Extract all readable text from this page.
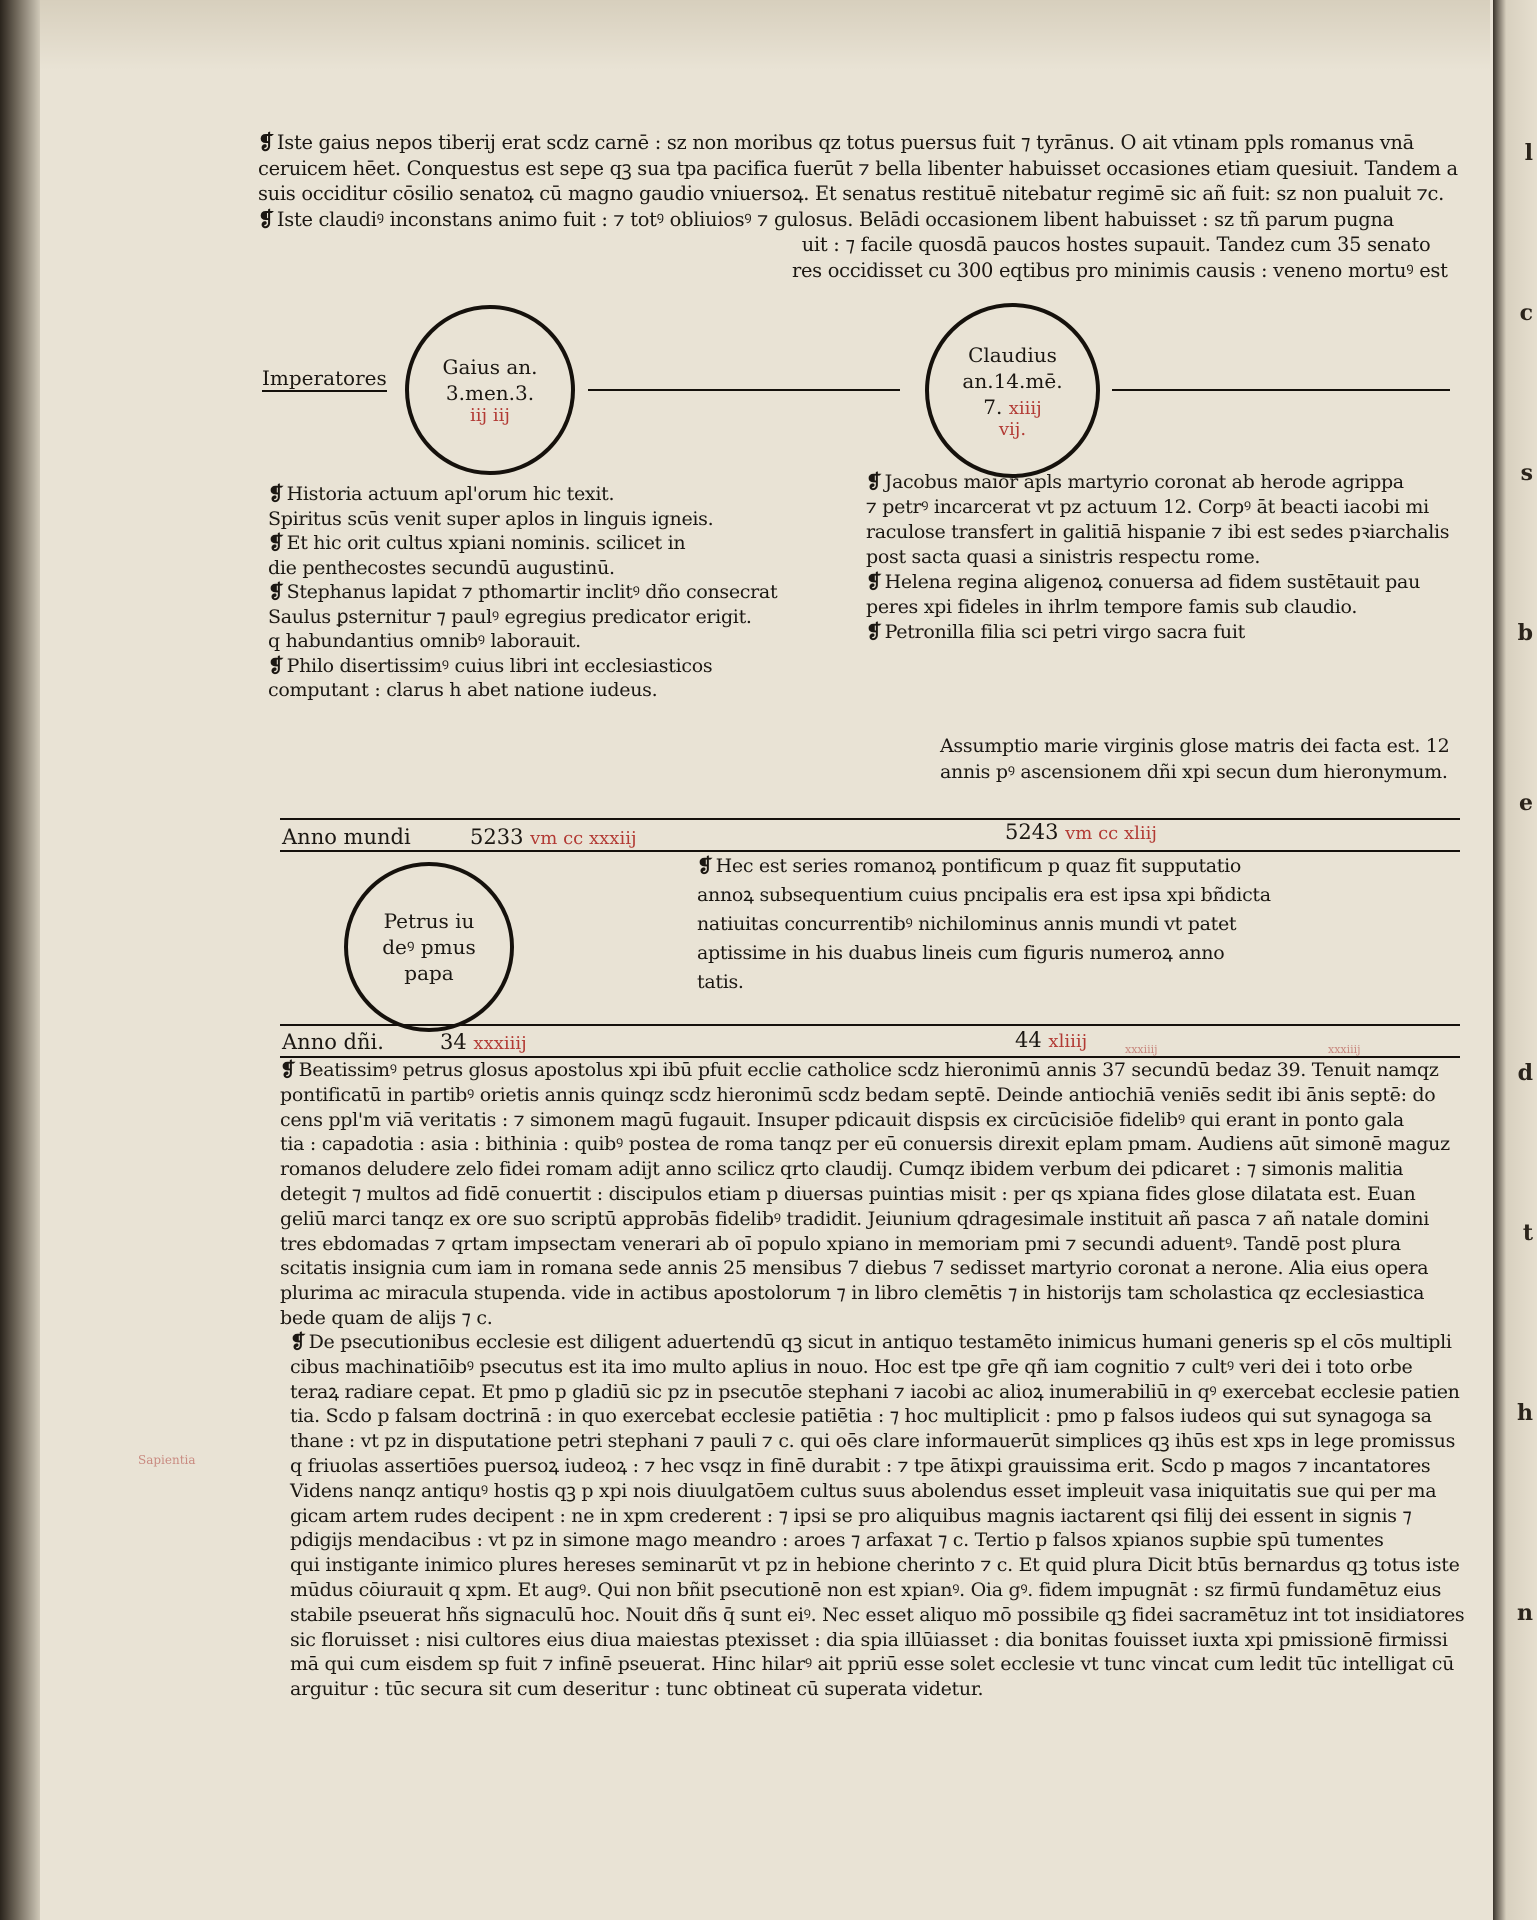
l
c
s
b
e
d
t
h
n
❡ Iste gaius nepos tiberij erat scdz carnē : sz non moribus qz totus puersus fuit ⁊ tyrānus. O ait vtinam ppls romanus vnā
ceruicem hēet. Conquestus est sepe qꝫ sua tpa pacifica fuerūt ⁊ bella libenter habuisset occasiones etiam quesiuit. Tandem a
suis occiditur cōsilio senatoꝝ cū magno gaudio vniuersoꝝ. Et senatus restituē nitebatur regimē sic añ fuit: sz non pualuit ⁊c.
❡ Iste claudiꝰ inconstans animo fuit : ⁊ totꝰ obliuiosꝰ ⁊ gulosus. Belādi occasionem libent habuisset : sz tñ parum pugna
uit : ⁊ facile quosdā paucos hostes supauit. Tandez cum 35 senato
res occidisset cu 300 eqtibus pro minimis causis : veneno mortuꝰ est
Imperatores	Gaius an.
3.men.3.
iij iij
Claudius
an.14.mē.
7. xiiij
vij.
❡ Historia actuum apl'orum hic texit.
Spiritus scūs venit super aplos in linguis igneis.
❡ Et hic orit cultus xpiani nominis. scilicet in
die penthecostes secundū augustinū.
❡ Stephanus lapidat ⁊ pthomartir inclitꝰ dño consecrat
Saulus ꝑsternitur ⁊ paulꝰ egregius predicator erigit.
q habundantius omnibꝰ laborauit.
❡ Philo disertissimꝰ cuius libri int ecclesiasticos
computant : clarus h abet natione iudeus.
❡ Jacobus maior apls martyrio coronat ab herode agrippa
⁊ petrꝰ incarcerat vt pz actuum 12. Corpꝰ āt beacti iacobi mi
raculose transfert in galitiā hispanie ⁊ ibi est sedes pꝛiarchalis
post sacta quasi a sinistris respectu rome.
❡ Helena regina aligenoꝝ conuersa ad fidem sustētauit pau
peres xpi fideles in ihrlm tempore famis sub claudio.
❡ Petronilla filia sci petri virgo sacra fuit
Assumptio marie virginis glose matris dei facta est. 12
annis pꝰ ascensionem dñi xpi secun dum hieronymum.
Anno mundi	5233 vm cc xxxiij	5243 vm cc xliij
Petrus iu
deꝰ pmus
papa
❡ Hec est series romanoꝝ pontificum p quaz fit supputatio
annoꝝ subsequentium cuius pncipalis era est ipsa xpi bñdicta
natiuitas concurrentibꝰ nichilominus annis mundi vt patet
aptissime in his duabus lineis cum figuris numeroꝝ anno
tatis.
Anno dñi.	34 xxxiiij	44 xliiij	xxxiiij	xxxiiij
Sapientia
❡ Beatissimꝰ petrus glosus apostolus xpi ibū pfuit ecclie catholice scdz hieronimū annis 37 secundū bedaz 39. Tenuit namqz
pontificatū in partibꝰ orietis annis quinqz scdz hieronimū scdz bedam septē. Deinde antiochiā veniēs sedit ibi ānis septē: do
cens ppl'm viā veritatis : ⁊ simonem magū fugauit. Insuper pdicauit dispsis ex circūcisiōe fidelibꝰ qui erant in ponto gala
tia : capadotia : asia : bithinia : quibꝰ postea de roma tanqz per eū conuersis direxit eplam pmam. Audiens aūt simonē maguz
romanos deludere zelo fidei romam adijt anno scilicz qrto claudij. Cumqz ibidem verbum dei pdicaret : ⁊ simonis malitia
detegit ⁊ multos ad fidē conuertit : discipulos etiam p diuersas puintias misit : per qs xpiana fides glose dilatata est. Euan
geliū marci tanqz ex ore suo scriptū approbās fidelibꝰ tradidit. Jeiunium qdragesimale instituit añ pasca ⁊ añ natale domini
tres ebdomadas ⁊ qrtam impsectam venerari ab oī populo xpiano in memoriam pmi ⁊ secundi aduentꝰ. Tandē post plura
scitatis insignia cum iam in romana sede annis 25 mensibus 7 diebus 7 sedisset martyrio coronat a nerone. Alia eius opera
plurima ac miracula stupenda. vide in actibus apostolorum ⁊ in libro clemētis ⁊ in historijs tam scholastica qz ecclesiastica
bede quam de alijs ⁊ c.
❡ De psecutionibus ecclesie est diligent aduertendū qꝫ sicut in antiquo testamēto inimicus humani generis sp el cōs multipli
cibus machinatiōibꝰ psecutus est ita imo multo aplius in nouo. Hoc est tpe gr̄e qñ iam cognitio ⁊ cultꝰ veri dei i toto orbe
teraꝝ radiare cepat. Et pmo p gladiū sic pz in psecutōe stephani ⁊ iacobi ac alioꝝ inumerabiliū in qꝰ exercebat ecclesie patien
tia. Scdo p falsam doctrinā : in quo exercebat ecclesie patiētia : ⁊ hoc multiplicit : pmo p falsos iudeos qui sut synagoga sa
thane : vt pz in disputatione petri stephani ⁊ pauli ⁊ c. qui oēs clare informauerūt simplices qꝫ ihūs est xps in lege promissus
q friuolas assertiōes puersoꝝ iudeoꝝ : ⁊ hec vsqz in finē durabit : ⁊ tpe ātixpi grauissima erit. Scdo p magos ⁊ incantatores
Videns nanqz antiquꝰ hostis qꝫ p xpi nois diuulgatōem cultus suus abolendus esset impleuit vasa iniquitatis sue qui per ma
gicam artem rudes decipent : ne in xpm crederent : ⁊ ipsi se pro aliquibus magnis iactarent qsi filij dei essent in signis ⁊
pdigijs mendacibus : vt pz in simone mago meandro : aroes ⁊ arfaxat ⁊ c. Tertio p falsos xpianos supbie spū tumentes
qui instigante inimico plures hereses seminarūt vt pz in hebione cherinto ⁊ c. Et quid plura Dicit btūs bernardus qꝫ totus iste
mūdus cōiurauit q xpm. Et augꝰ. Qui non bñit psecutionē non est xpianꝰ. Oia gꝰ. fidem impugnāt : sz firmū fundamētuz eius
stabile pseuerat hñs signaculū hoc. Nouit dñs q̄ sunt eiꝰ. Nec esset aliquo mō possibile qꝫ fidei sacramētuz int tot insidiatores
sic floruisset : nisi cultores eius diua maiestas ptexisset : dia spia illūiasset : dia bonitas fouisset iuxta xpi pmissionē firmissi
mā qui cum eisdem sp fuit ⁊ infinē pseuerat. Hinc hilarꝰ ait ppriū esse solet ecclesie vt tunc vincat cum ledit tūc intelligat cū
arguitur : tūc secura sit cum deseritur : tunc obtineat cū superata videtur.
